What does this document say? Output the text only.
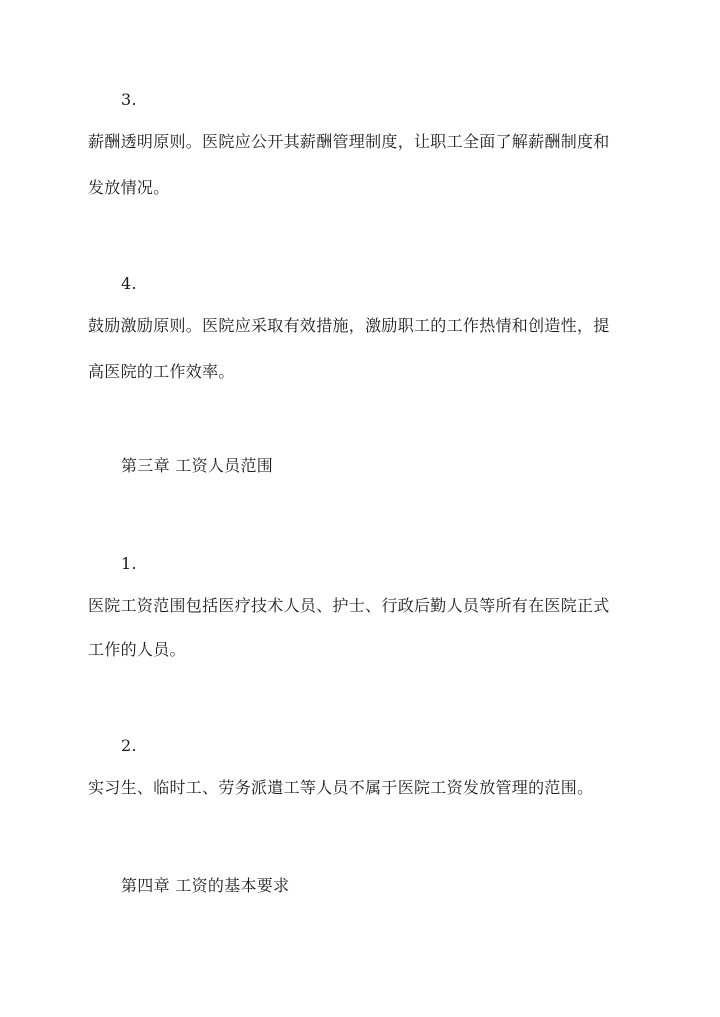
3.
薪酬透明原则。医院应公开其薪酬管理制度，让职工全面了解薪酬制度和
发放情况。
4.
鼓励激励原则。医院应采取有效措施，激励职工的工作热情和创造性，提
高医院的工作效率。
第三章 工资人员范围
1.
医院工资范围包括医疗技术人员、护士、行政后勤人员等所有在医院正式
工作的人员。
2.
实习生、临时工、劳务派遣工等人员不属于医院工资发放管理的范围。
第四章 工资的基本要求
